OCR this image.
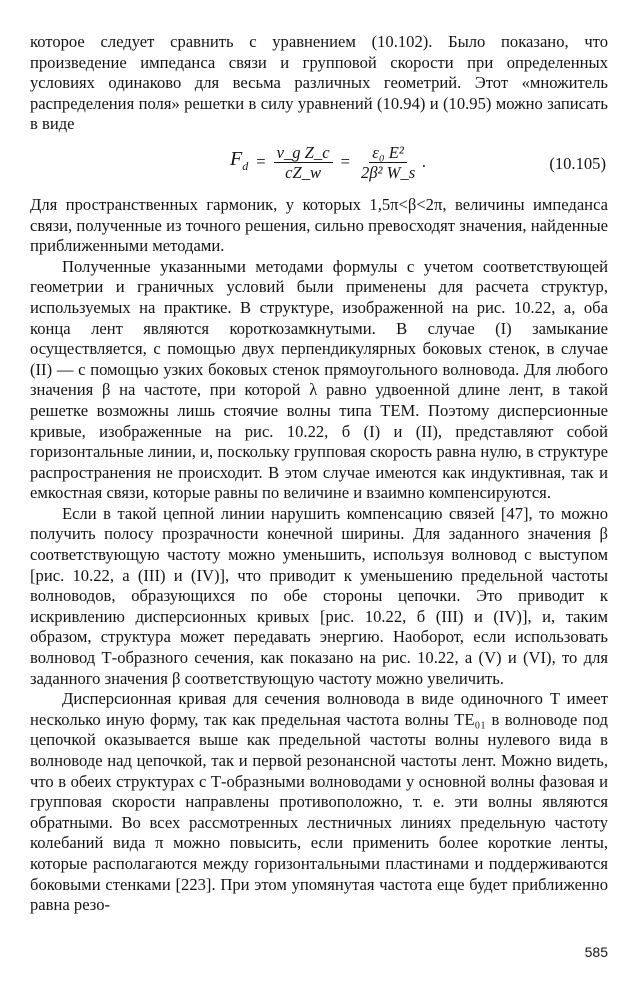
которое следует сравнить с уравнением (10.102). Было показано, что произведение импеданса связи и групповой скорости при определенных условиях одинаково для весьма различных геометрий. Этот «множитель распределения поля» решетки в силу уравнений (10.94) и (10.95) можно записать в виде

$F_d = \frac{\text{v\_g Z\_c}}{cZ\_w} = \frac{\text{ε₀ E²}}{\text{2β² W\_s}}$ .	(10.105)

Для пространственных гармоник, у которых 1,5π<β<2π, величины импеданса связи, полученные из точного решения, сильно превосходят значения, найденные приближенными методами.

Полученные указанными методами формулы с учетом соответствующей геометрии и граничных условий были применены для расчета структур, используемых на практике. В структуре, изображенной на рис. 10.22, а, оба конца лент являются короткозамкнутыми. В случае (I) замыкание осуществляется, с помощью двух перпендикулярных боковых стенок, в случае (II) — с помощью узких боковых стенок прямоугольного волновода. Для любого значения β на частоте, при которой λ равно удвоенной длине лент, в такой решетке возможны лишь стоячие волны типа ТЕМ. Поэтому дисперсионные кривые, изображенные на рис. 10.22, б (I) и (II), представляют собой горизонтальные линии, и, поскольку групповая скорость равна нулю, в структуре распространения не происходит. В этом случае имеются как индуктивная, так и емкостная связи, которые равны по величине и взаимно компенсируются.

Если в такой цепной линии нарушить компенсацию связей [47], то можно получить полосу прозрачности конечной ширины. Для заданного значения β соответствующую частоту можно уменьшить, используя волновод с выступом [рис. 10.22, а (III) и (IV)], что приводит к уменьшению предельной частоты волноводов, образующихся по обе стороны цепочки. Это приводит к искривлению дисперсионных кривых [рис. 10.22, б (III) и (IV)], и, таким образом, структура может передавать энергию. Наоборот, если использовать волновод Т-образного сечения, как показано на рис. 10.22, а (V) и (VI), то для заданного значения β соответствующую частоту можно увеличить.

Дисперсионная кривая для сечения волновода в виде одиночного T имеет несколько иную форму, так как предельная частота волны TE₀₁ в волноводе под цепочкой оказывается выше как предельной частоты волны нулевого вида в волноводе над цепочкой, так и первой резонансной частоты лент. Можно видеть, что в обеих структурах с Т-образными волноводами у основной волны фазовая и групповая скорости направлены противоположно, т. е. эти волны являются обратными. Во всех рассмотренных лестничных линиях предельную частоту колебаний вида π можно повысить, если применить более короткие ленты, которые располагаются между горизонтальными пластинами и поддерживаются боковыми стенками [223]. При этом упомянутая частота еще будет приближенно равна резо-

585
